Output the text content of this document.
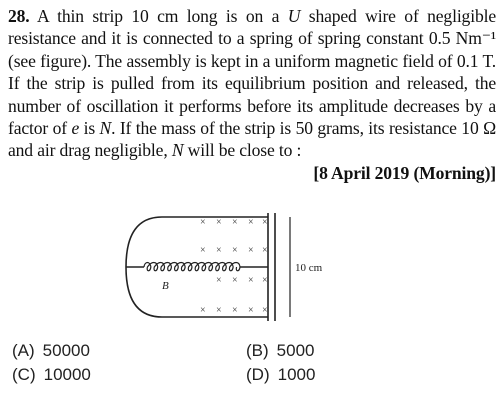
28. A thin strip 10 cm long is on a U shaped wire of negligible resistance and it is connected to a spring of spring constant 0.5 Nm⁻¹ (see figure). The assembly is kept in a uniform magnetic field of 0.1 T. If the strip is pulled from its equilibrium position and released, the number of oscillation it performs before its amplitude decreases by a factor of e is N. If the mass of the strip is 50 grams, its resistance 10 Ω and air drag negligible, N will be close to :
[8 April 2019 (Morning)]
10 cm
B
× × × × ×
× × × × ×
× × × ×
× × × × ×
(A) 50000	(B) 5000
(C) 10000	(D) 1000
